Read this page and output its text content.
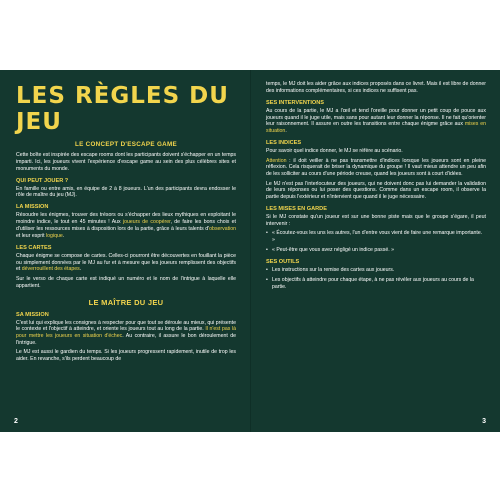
LES RÈGLES DU JEU
LE CONCEPT D'ESCAPE GAME

Cette boîte est inspirée des escape rooms dont les participants doivent s'échapper en un temps imparti. Ici, les joueurs vivent l'expérience d'escape game au sein des plus célèbres sites et monuments du monde.

QUI PEUT JOUER ?

En famille ou entre amis, en équipe de 2 à 8 joueurs. L'un des participants devra endosser le rôle de maître du jeu (MJ).

LA MISSION

Résoudre les énigmes, trouver des trésors ou s'échapper des lieux mythiques en exploitant le moindre indice, le tout en 45 minutes ! Aux joueurs de coopérer, de faire les bons choix et d'utiliser les ressources mises à disposition lors de la partie, grâce à leurs talents d'observation et leur esprit logique.

LES CARTES

Chaque énigme se compose de cartes. Celles-ci pourront être découvertes en fouillant la pièce ou simplement données par le MJ au fur et à mesure que les joueurs remplissent des objectifs et déverrouillent des étapes.

Sur le verso de chaque carte est indiqué un numéro et le nom de l'intrigue à laquelle elle appartient.

LE MAÎTRE DU JEU
SA MISSION

C'est lui qui explique les consignes à respecter pour que tout se déroule au mieux, qui présente le contexte et l'objectif à atteindre, et oriente les joueurs tout au long de la partie. Il n'est pas là pour mettre les joueurs en situation d'échec. Au contraire, il assure le bon déroulement de l'intrigue.

Le MJ est aussi le gardien du temps. Si les joueurs progressent rapidement, inutile de trop les aider. En revanche, s'ils perdent beaucoup de

temps, le MJ doit les aider grâce aux indices proposés dans ce livret. Mais il est libre de donner des informations complémentaires, si ces indices ne suffisent pas.

SES INTERVENTIONS

Au cours de la partie, le MJ a l'œil et tend l'oreille pour donner un petit coup de pouce aux joueurs quand il le juge utile, mais sans pour autant leur donner la réponse. Il ne fait qu'orienter leur raisonnement. Il assure en outre les transitions entre chaque énigme grâce aux mises en situation.

LES INDICES

Pour savoir quel indice donner, le MJ se réfère au scénario.

Attention : il doit veiller à ne pas transmettre d'indices lorsque les joueurs sont en pleine réflexion. Cela risquerait de briser la dynamique du groupe ! Il vaut mieux attendre un peu afin de les solliciter au cours d'une période creuse, quand les joueurs sont à court d'idées.

Le MJ n'est pas l'interlocuteur des joueurs, qui ne doivent donc pas lui demander la validation de leurs réponses ou lui poser des questions. Comme dans un escape room, il observe la partie depuis l'extérieur et n'intervient que quand il le juge nécessaire.

LES MISES EN GARDE

Si le MJ constate qu'un joueur est sur une bonne piste mais que le groupe s'égare, il peut intervenir :

• « Écoutez-vous les uns les autres, l'un d'entre vous vient de faire une remarque importante. »
• « Peut-être que vous avez négligé un indice passé. »
SES OUTILS
• Les instructions sur la remise des cartes aux joueurs.
• Les objectifs à atteindre pour chaque étape, à ne pas révéler aux joueurs au cours de la partie.
2	3
